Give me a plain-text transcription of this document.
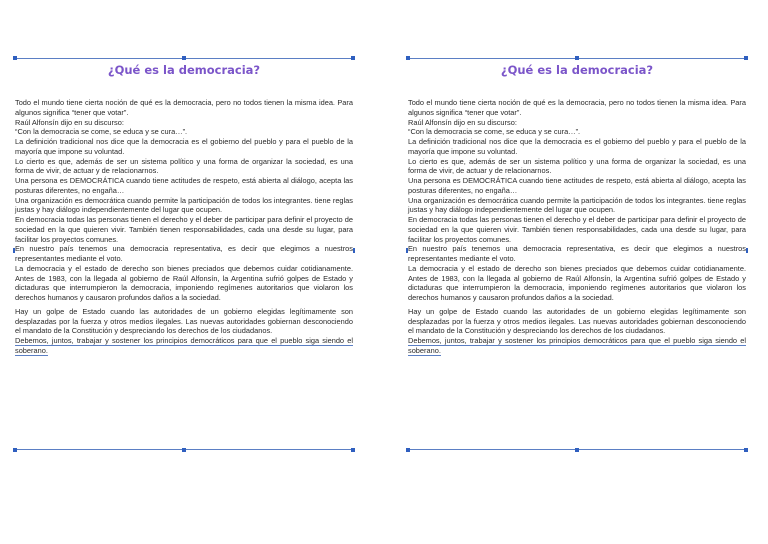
¿Qué es la democracia?

Todo el mundo tiene cierta noción de qué es la democracia, pero no todos tienen la misma idea. Para algunos significa “tener que votar”.

Raúl Alfonsín dijo en su discurso:

“Con la democracia se come, se educa y se cura…”.

La definición tradicional nos dice que la democracia es el gobierno del pueblo y para el pueblo de la mayoría que impone su voluntad.

Lo cierto es que, además de ser un sistema político y una forma de organizar la sociedad, es una forma de vivir, de actuar y de relacionarnos.

Una persona es DEMOCRÁTICA cuando tiene actitudes de respeto, está abierta al diálogo, acepta las posturas diferentes, no engaña…

Una organización es democrática cuando permite la participación de todos los integrantes. tiene reglas justas y hay diálogo independientemente del lugar que ocupen.

En democracia todas las personas tienen el derecho y el deber de participar para definir el proyecto de sociedad en la que quieren vivir. También tienen responsabilidades, cada una desde su lugar, para facilitar los proyectos comunes.

En nuestro país tenemos una democracia representativa, es decir que elegimos a nuestros representantes mediante el voto.

La democracia y el estado de derecho son bienes preciados que debemos cuidar cotidianamente. Antes de 1983, con la llegada al gobierno de Raúl Alfonsín, la Argentina sufrió golpes de Estado y dictaduras que interrumpieron la democracia, imponiendo regímenes autoritarios que violaron los derechos humanos y causaron profundos daños a la sociedad.

Hay un golpe de Estado cuando las autoridades de un gobierno elegidas legítimamente son desplazadas por la fuerza y otros medios ilegales. Las nuevas autoridades gobiernan desconociendo el mandato de la Constitución y despreciando los derechos de los ciudadanos.

Debemos, juntos, trabajar y sostener los principios democráticos para que el pueblo siga siendo el soberano.

¿Qué es la democracia?

Todo el mundo tiene cierta noción de qué es la democracia, pero no todos tienen la misma idea. Para algunos significa “tener que votar”.

Raúl Alfonsín dijo en su discurso:

“Con la democracia se come, se educa y se cura…”.

La definición tradicional nos dice que la democracia es el gobierno del pueblo y para el pueblo de la mayoría que impone su voluntad.

Lo cierto es que, además de ser un sistema político y una forma de organizar la sociedad, es una forma de vivir, de actuar y de relacionarnos.

Una persona es DEMOCRÁTICA cuando tiene actitudes de respeto, está abierta al diálogo, acepta las posturas diferentes, no engaña…

Una organización es democrática cuando permite la participación de todos los integrantes. tiene reglas justas y hay diálogo independientemente del lugar que ocupen.

En democracia todas las personas tienen el derecho y el deber de participar para definir el proyecto de sociedad en la que quieren vivir. También tienen responsabilidades, cada una desde su lugar, para facilitar los proyectos comunes.

En nuestro país tenemos una democracia representativa, es decir que elegimos a nuestros representantes mediante el voto.

La democracia y el estado de derecho son bienes preciados que debemos cuidar cotidianamente. Antes de 1983, con la llegada al gobierno de Raúl Alfonsín, la Argentina sufrió golpes de Estado y dictaduras que interrumpieron la democracia, imponiendo regímenes autoritarios que violaron los derechos humanos y causaron profundos daños a la sociedad.

Hay un golpe de Estado cuando las autoridades de un gobierno elegidas legítimamente son desplazadas por la fuerza y otros medios ilegales. Las nuevas autoridades gobiernan desconociendo el mandato de la Constitución y despreciando los derechos de los ciudadanos.

Debemos, juntos, trabajar y sostener los principios democráticos para que el pueblo siga siendo el soberano.
